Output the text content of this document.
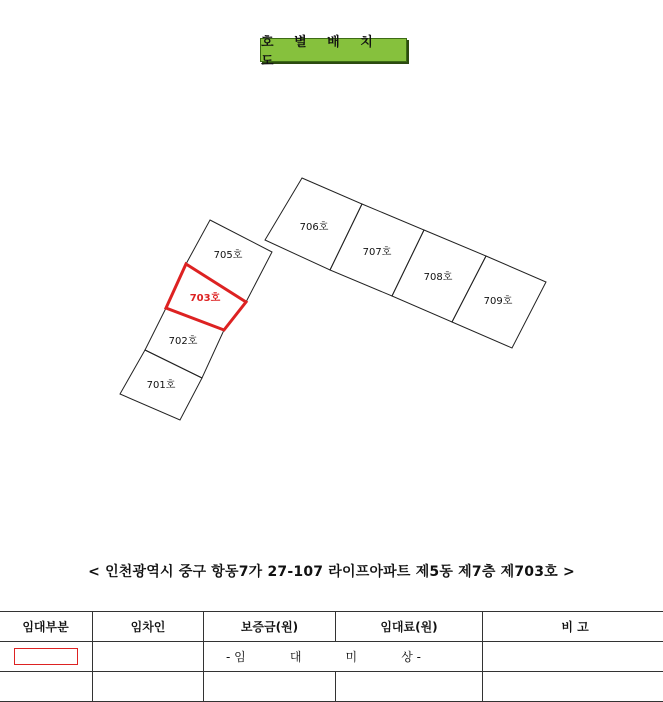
호 별 배 치 도
705호
703호
702호
701호
706호
707호
708호
709호
< 인천광역시 중구 항동7가 27-107 라이프아파트 제5동 제7층 제703호 >
임대부분	임차인	보증금(원)	임대료(원)	비 고

		- 임 대 미 상 -		
